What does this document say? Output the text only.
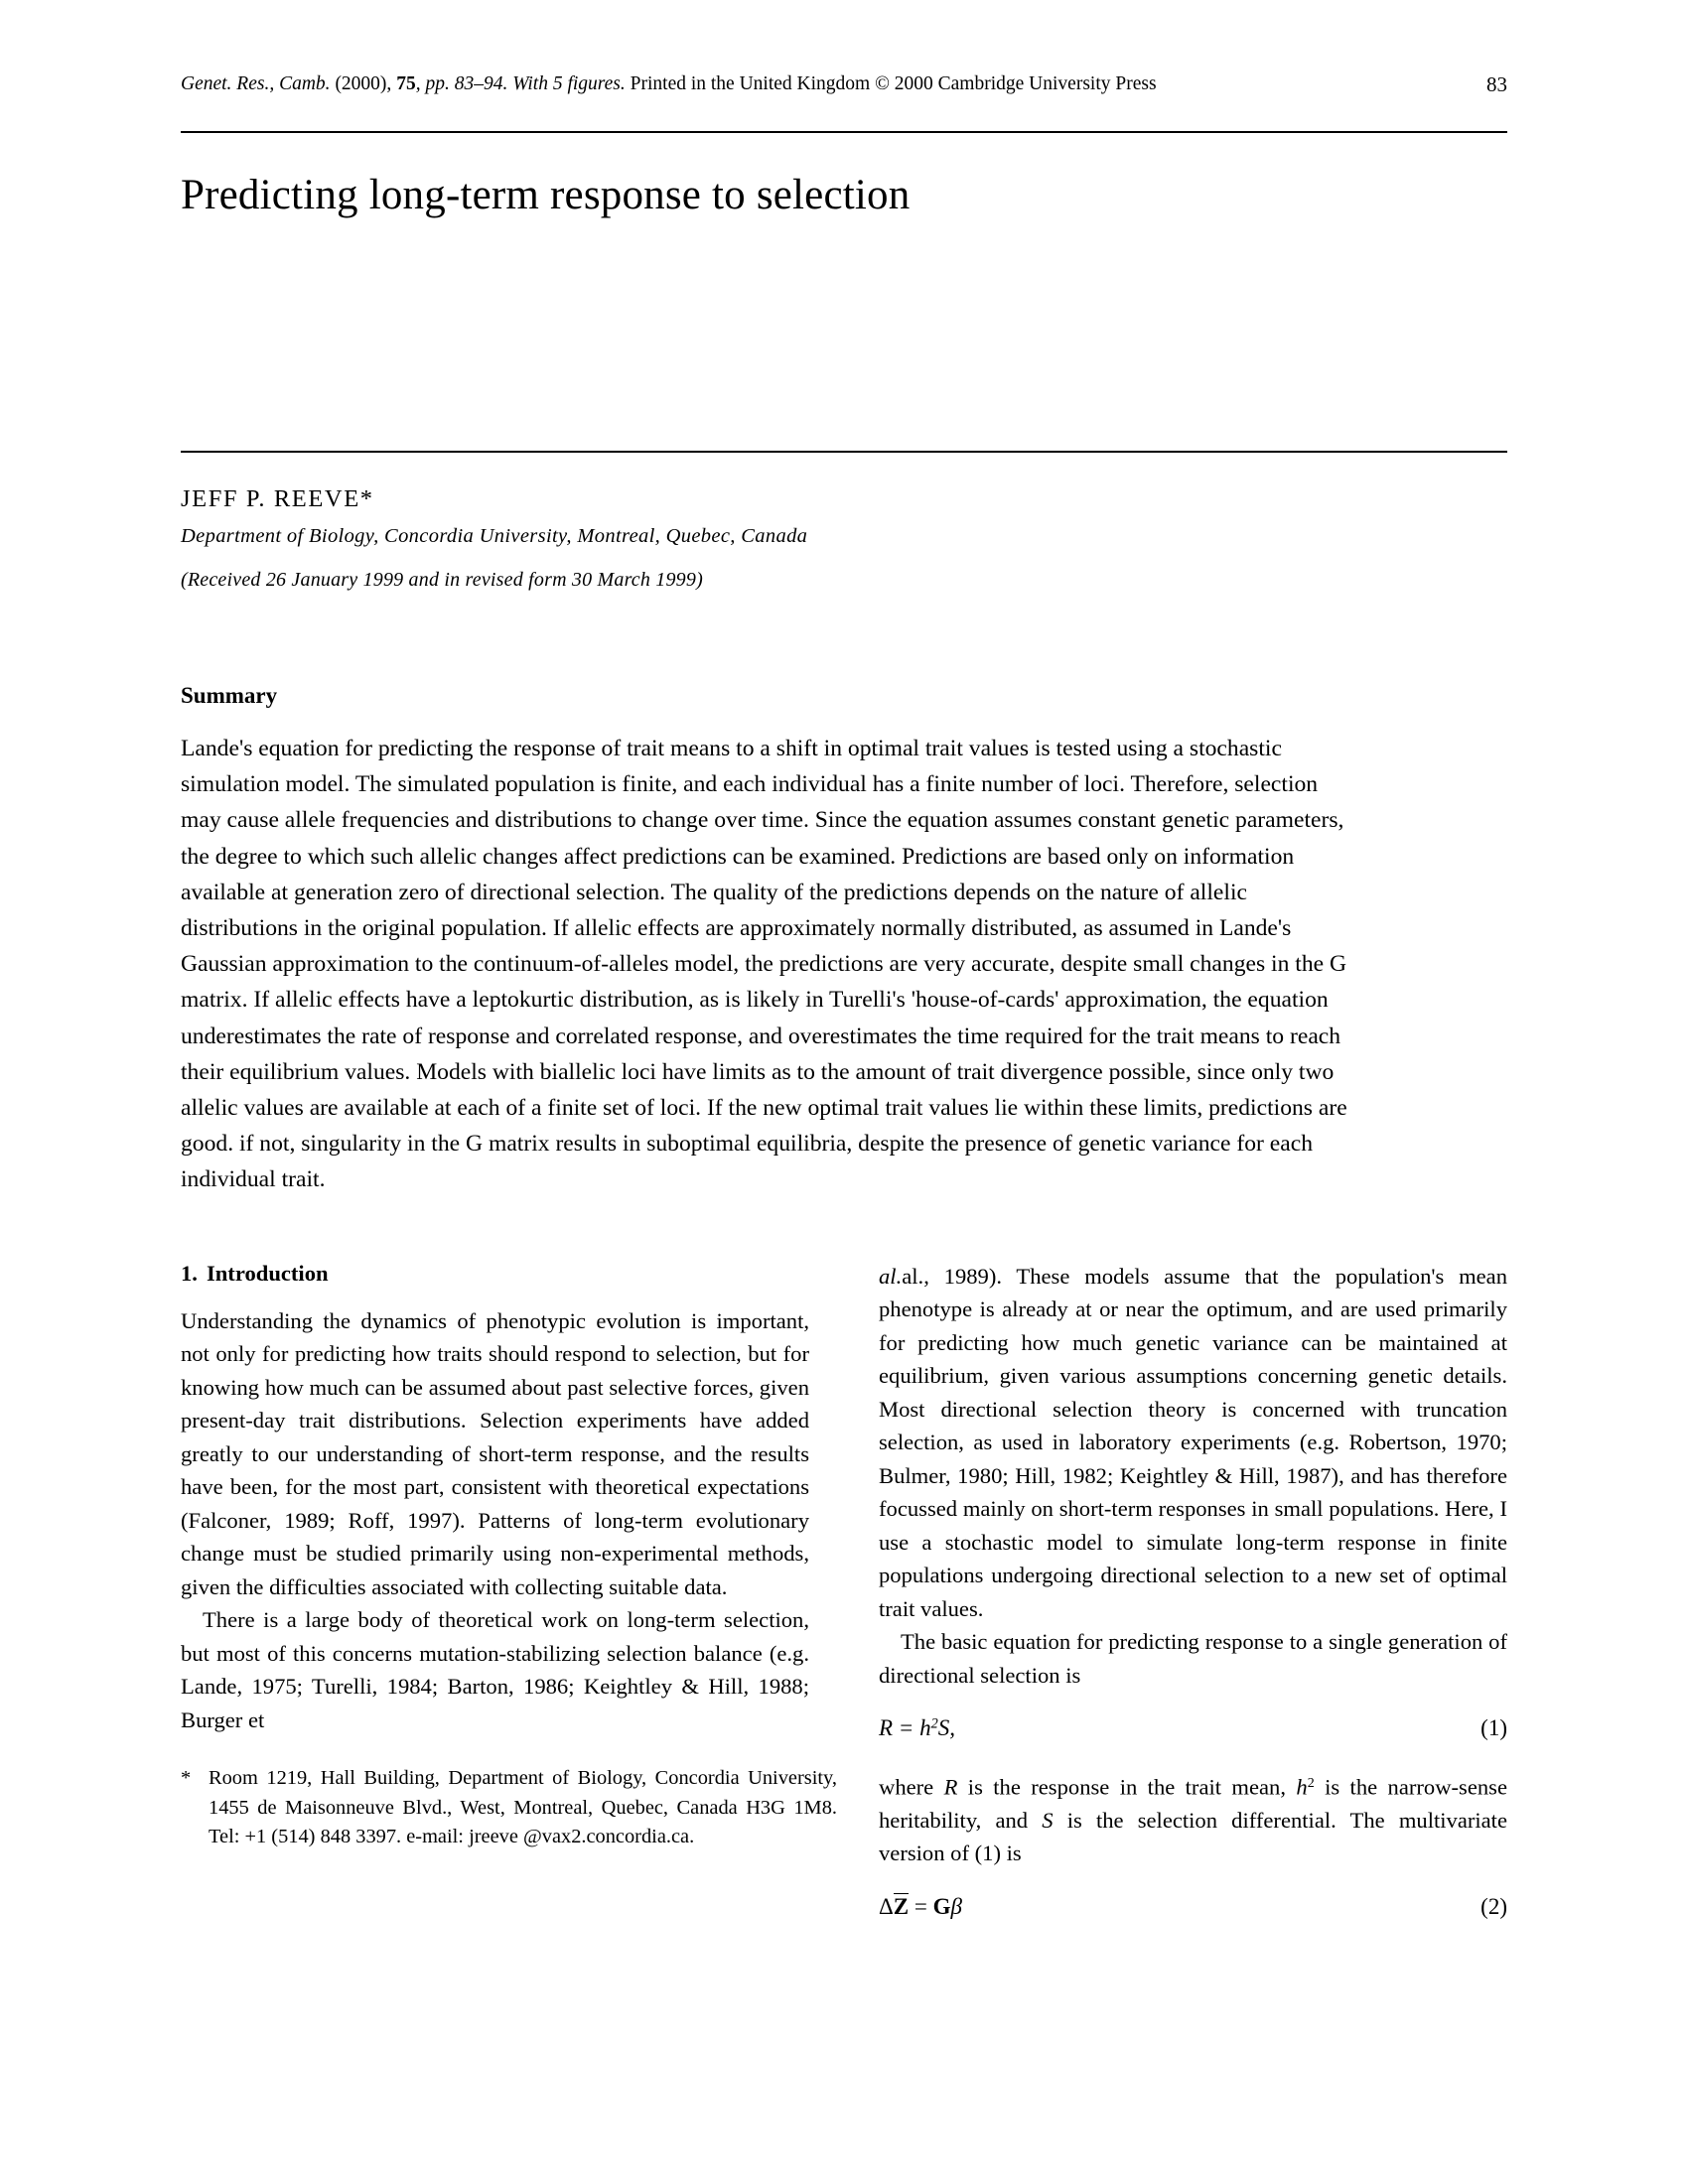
Genet. Res., Camb. (2000), 75, pp. 83–94. With 5 figures. Printed in the United Kingdom © 2000 Cambridge University Press	83
Predicting long-term response to selection
JEFF P. REEVE*
Department of Biology, Concordia University, Montreal, Quebec, Canada
(Received 26 January 1999 and in revised form 30 March 1999)
Summary
Lande's equation for predicting the response of trait means to a shift in optimal trait values is tested using a stochastic simulation model. The simulated population is finite, and each individual has a finite number of loci. Therefore, selection may cause allele frequencies and distributions to change over time. Since the equation assumes constant genetic parameters, the degree to which such allelic changes affect predictions can be examined. Predictions are based only on information available at generation zero of directional selection. The quality of the predictions depends on the nature of allelic distributions in the original population. If allelic effects are approximately normally distributed, as assumed in Lande's Gaussian approximation to the continuum-of-alleles model, the predictions are very accurate, despite small changes in the G matrix. If allelic effects have a leptokurtic distribution, as is likely in Turelli's 'house-of-cards' approximation, the equation underestimates the rate of response and correlated response, and overestimates the time required for the trait means to reach their equilibrium values. Models with biallelic loci have limits as to the amount of trait divergence possible, since only two allelic values are available at each of a finite set of loci. If the new optimal trait values lie within these limits, predictions are good. if not, singularity in the G matrix results in suboptimal equilibria, despite the presence of genetic variance for each individual trait.
1. Introduction

Understanding the dynamics of phenotypic evolution is important, not only for predicting how traits should respond to selection, but for knowing how much can be assumed about past selective forces, given present-day trait distributions. Selection experiments have added greatly to our understanding of short-term response, and the results have been, for the most part, consistent with theoretical expectations (Falconer, 1989; Roff, 1997). Patterns of long-term evolutionary change must be studied primarily using non-experimental methods, given the difficulties associated with collecting suitable data.

There is a large body of theoretical work on long-term selection, but most of this concerns mutation-stabilizing selection balance (e.g. Lande, 1975; Turelli, 1984; Barton, 1986; Keightley & Hill, 1988; Burger et

* Room 1219, Hall Building, Department of Biology, Concordia University, 1455 de Maisonneuve Blvd., West, Montreal, Quebec, Canada H3G 1M8. Tel: +1 (514) 848 3397. e-mail: jreeve @vax2.concordia.ca.

al.al., 1989). These models assume that the population's mean phenotype is already at or near the optimum, and are used primarily for predicting how much genetic variance can be maintained at equilibrium, given various assumptions concerning genetic details. Most directional selection theory is concerned with truncation selection, as used in laboratory experiments (e.g. Robertson, 1970; Bulmer, 1980; Hill, 1982; Keightley & Hill, 1987), and has therefore focussed mainly on short-term responses in small populations. Here, I use a stochastic model to simulate long-term response in finite populations undergoing directional selection to a new set of optimal trait values.

The basic equation for predicting response to a single generation of directional selection is

$R = h^2S$,	(1)

where R is the response in the trait mean, $h^2$ is the narrow-sense heritability, and S is the selection differential. The multivariate version of (1) is

ΔZ = Gβ	(2)
